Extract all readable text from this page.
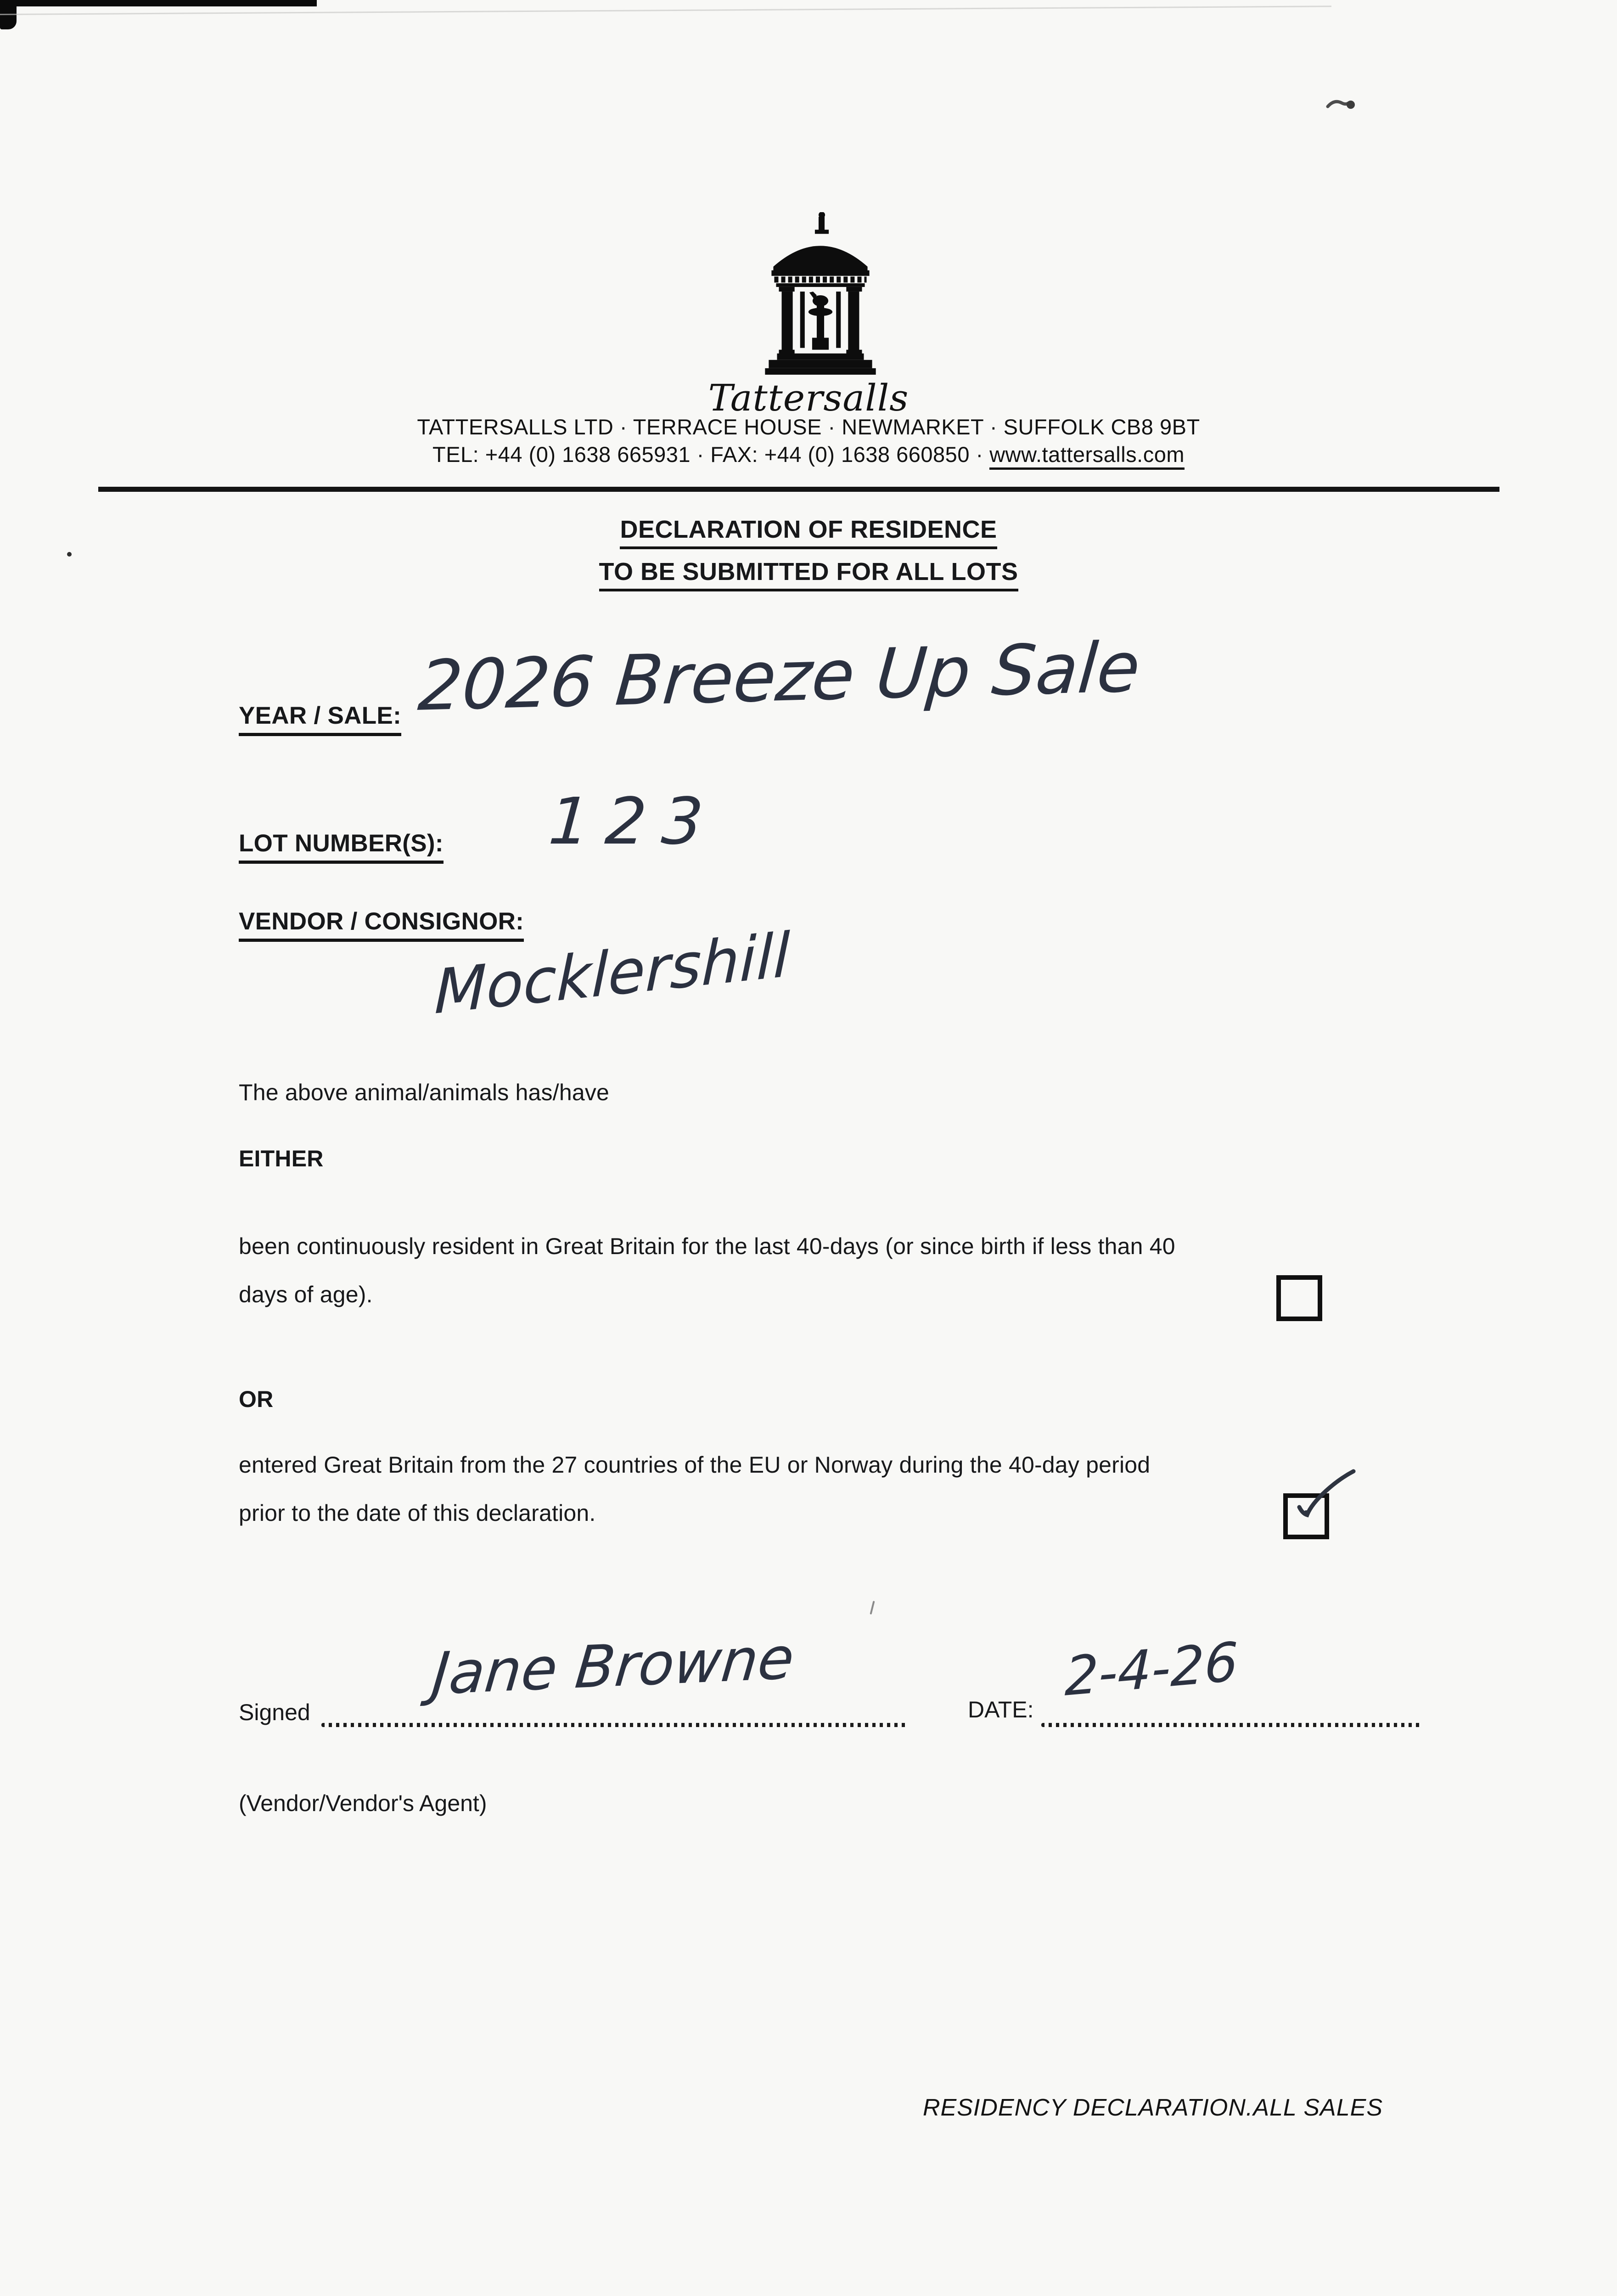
Tattersalls
TATTERSALLS LTD · TERRACE HOUSE · NEWMARKET · SUFFOLK CB8 9BT
TEL: +44 (0) 1638 665931 · FAX: +44 (0) 1638 660850 · www.tattersalls.com
DECLARATION OF RESIDENCE
TO BE SUBMITTED FOR ALL LOTS
YEAR / SALE: 2026 Breeze Up Sale
LOT NUMBER(S): 123
VENDOR / CONSIGNOR:
Mocklershill
The above animal/animals has/have
EITHER
been continuously resident in Great Britain for the last 40-days (or since birth if less than 40
days of age).
OR
entered Great Britain from the 27 countries of the EU or Norway during the 40-day period
prior to the date of this declaration.
Signed
Jane Browne
DATE:
2-4-26
(Vendor/Vendor's Agent)
RESIDENCY DECLARATION.ALL SALES
